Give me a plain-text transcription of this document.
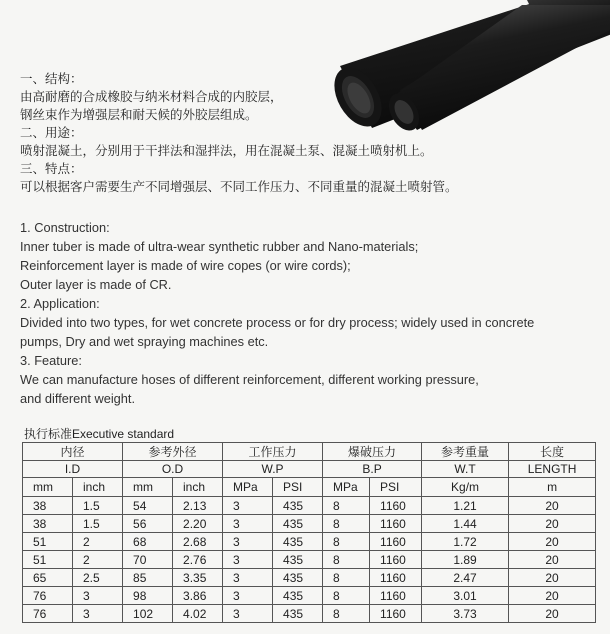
一、结构：
由高耐磨的合成橡胶与纳米材料合成的内胶层，
钢丝束作为增强层和耐天候的外胶层组成。
二、用途：
喷射混凝土，分别用于干拌法和湿拌法，用在混凝土泵、混凝土喷射机上。
三、特点：
可以根据客户需要生产不同增强层、不同工作压力、不同重量的混凝土喷射管。
1. Construction:
Inner tuber is made of ultra-wear synthetic rubber and Nano-materials;
Reinforcement layer is made of wire copes (or wire cords);
Outer layer is made of CR.
2. Application:
Divided into two types, for wet concrete process or for dry process; widely used in concrete
pumps, Dry and wet spraying machines etc.
3. Feature:
We can manufacture hoses of different reinforcement, different working pressure,
and different weight.
执行标准Executive standard
内径		参考外径		工作压力		爆破压力		参考重量	长度
I.D		O.D		W.P		B.P		W.T	LENGTH
mm	inch	mm	inch	MPa	PSI	MPa	PSI	Kg/m	m
38	1.5	54	2.13	3	435	8	1160	1.21	20
38	1.5	56	2.20	3	435	8	1160	1.44	20
51	2	68	2.68	3	435	8	1160	1.72	20
51	2	70	2.76	3	435	8	1160	1.89	20
65	2.5	85	3.35	3	435	8	1160	2.47	20
76	3	98	3.86	3	435	8	1160	3.01	20
76	3	102	4.02	3	435	8	1160	3.73	20
